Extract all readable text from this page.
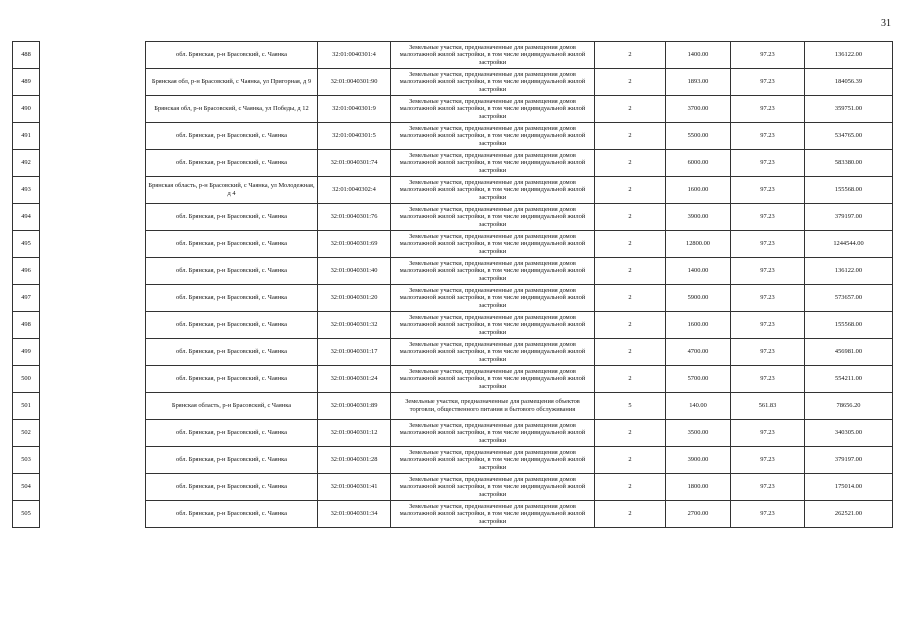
31
488		обл. Брянская, р-н Брасовский, с. Чаянка	32:01:0040301:4	Земельные участки, предназначенные для размещения домов малоэтажной жилой застройки, в том числе индивидуальной жилой застройки	2	1400.00	97.23	136122.00
489		Брянская обл, р-н Брасовский, с Чаянка, ул Пригорная, д 9	32:01:0040301:90	Земельные участки, предназначенные для размещения домов малоэтажной жилой застройки, в том числе индивидуальной жилой застройки	2	1893.00	97.23	184056.39
490		Брянская обл, р-н Брасовский, с Чаянка, ул Победы, д 12	32:01:0040301:9	Земельные участки, предназначенные для размещения домов малоэтажной жилой застройки, в том числе индивидуальной жилой застройки	2	3700.00	97.23	359751.00
491		обл. Брянская, р-н Брасовский, с. Чаянка	32:01:0040301:5	Земельные участки, предназначенные для размещения домов малоэтажной жилой застройки, в том числе индивидуальной жилой застройки	2	5500.00	97.23	534765.00
492		обл. Брянская, р-н Брасовский, с. Чаянка	32:01:0040301:74	Земельные участки, предназначенные для размещения домов малоэтажной жилой застройки, в том числе индивидуальной жилой застройки	2	6000.00	97.23	583380.00
493		Брянская область, р-н Брасовский, с Чаянка, ул Молодежная, д 4	32:01:0040302:4	Земельные участки, предназначенные для размещения домов малоэтажной жилой застройки, в том числе индивидуальной жилой застройки	2	1600.00	97.23	155568.00
494		обл. Брянская, р-н Брасовский, с. Чаянка	32:01:0040301:76	Земельные участки, предназначенные для размещения домов малоэтажной жилой застройки, в том числе индивидуальной жилой застройки	2	3900.00	97.23	379197.00
495		обл. Брянская, р-н Брасовский, с. Чаянка	32:01:0040301:69	Земельные участки, предназначенные для размещения домов малоэтажной жилой застройки, в том числе индивидуальной жилой застройки	2	12800.00	97.23	1244544.00
496		обл. Брянская, р-н Брасовский, с. Чаянка	32:01:0040301:40	Земельные участки, предназначенные для размещения домов малоэтажной жилой застройки, в том числе индивидуальной жилой застройки	2	1400.00	97.23	136122.00
497		обл. Брянская, р-н Брасовский, с. Чаянка	32:01:0040301:20	Земельные участки, предназначенные для размещения домов малоэтажной жилой застройки, в том числе индивидуальной жилой застройки	2	5900.00	97.23	573657.00
498		обл. Брянская, р-н Брасовский, с. Чаянка	32:01:0040301:32	Земельные участки, предназначенные для размещения домов малоэтажной жилой застройки, в том числе индивидуальной жилой застройки	2	1600.00	97.23	155568.00
499		обл. Брянская, р-н Брасовский, с. Чаянка	32:01:0040301:17	Земельные участки, предназначенные для размещения домов малоэтажной жилой застройки, в том числе индивидуальной жилой застройки	2	4700.00	97.23	456981.00
500		обл. Брянская, р-н Брасовский, с. Чаянка	32:01:0040301:24	Земельные участки, предназначенные для размещения домов малоэтажной жилой застройки, в том числе индивидуальной жилой застройки	2	5700.00	97.23	554211.00
501		Брянская область, р-н Брасовский, с Чаянка	32:01:0040301:89	Земельные участки, предназначенные для размещения объектов торговли, общественного питания и бытового обслуживания	5	140.00	561.83	78656.20
502		обл. Брянская, р-н Брасовский, с. Чаянка	32:01:0040301:12	Земельные участки, предназначенные для размещения домов малоэтажной жилой застройки, в том числе индивидуальной жилой застройки	2	3500.00	97.23	340305.00
503		обл. Брянская, р-н Брасовский, с. Чаянка	32:01:0040301:28	Земельные участки, предназначенные для размещения домов малоэтажной жилой застройки, в том числе индивидуальной жилой застройки	2	3900.00	97.23	379197.00
504		обл. Брянская, р-н Брасовский, с. Чаянка	32:01:0040301:41	Земельные участки, предназначенные для размещения домов малоэтажной жилой застройки, в том числе индивидуальной жилой застройки	2	1800.00	97.23	175014.00
505		обл. Брянская, р-н Брасовский, с. Чаянка	32:01:0040301:34	Земельные участки, предназначенные для размещения домов малоэтажной жилой застройки, в том числе индивидуальной жилой застройки	2	2700.00	97.23	262521.00
